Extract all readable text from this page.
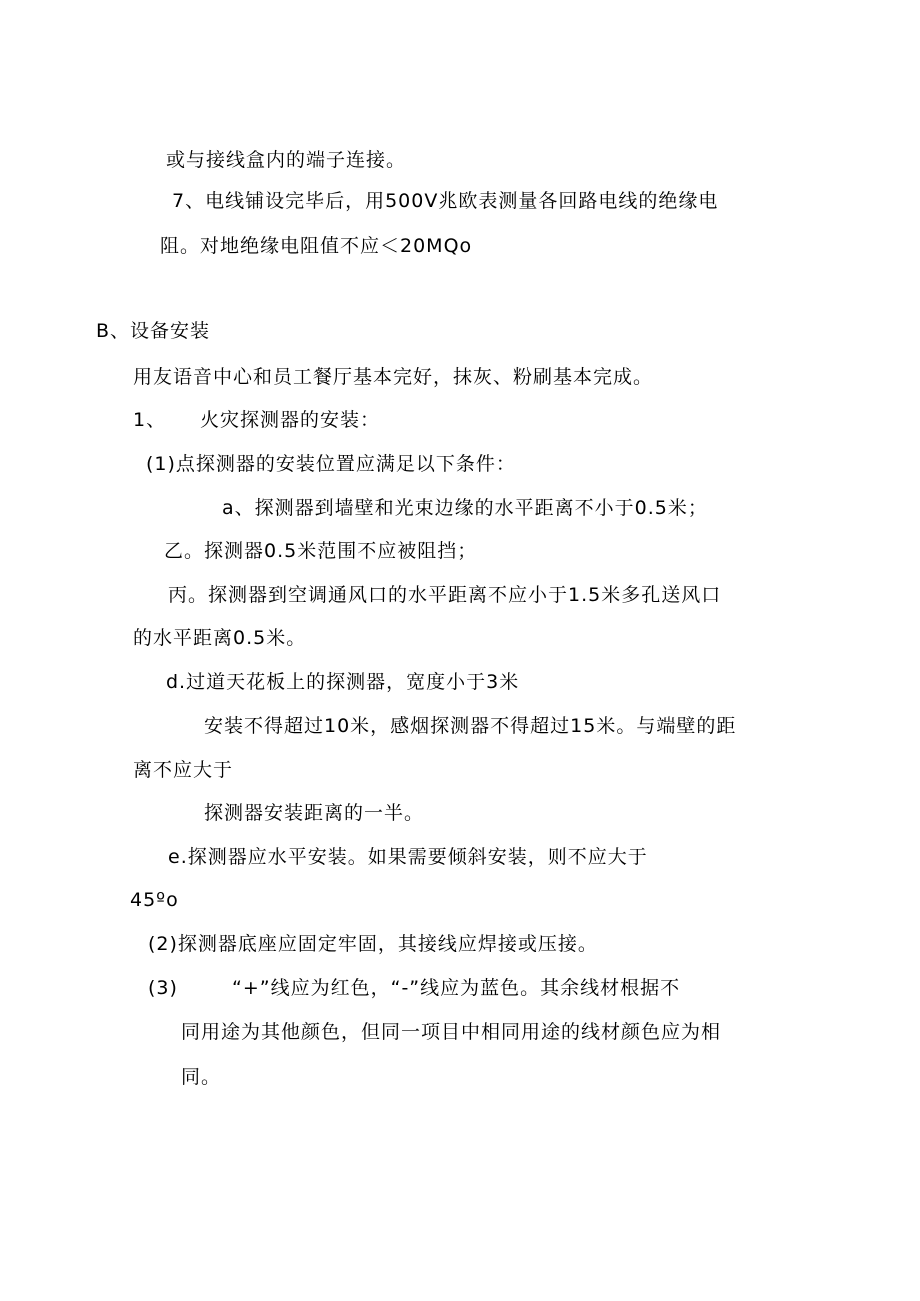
或与接线盒内的端子连接。
7、电线铺设完毕后，用500V兆欧表测量各回路电线的绝缘电
阻。对地绝缘电阻值不应＜20MQo
B、设备安装
用友语音中心和员工餐厅基本完好，抹灰、粉刷基本完成。
1、 火灾探测器的安装：
(1)点探测器的安装位置应满足以下条件：
a、探测器到墙壁和光束边缘的水平距离不小于0.5米；
乙。探测器0.5米范围不应被阻挡；
丙。探测器到空调通风口的水平距离不应小于1.5米多孔送风口
的水平距离0.5米。
d.过道天花板上的探测器，宽度小于3米
安装不得超过10米，感烟探测器不得超过15米。与端壁的距
离不应大于
探测器安装距离的一半。
e.探测器应水平安装。如果需要倾斜安装，则不应大于
45ºo
(2)探测器底座应固定牢固，其接线应焊接或压接。
(3)	“+”线应为红色，“-”线应为蓝色。其余线材根据不
同用途为其他颜色，但同一项目中相同用途的线材颜色应为相
同。
